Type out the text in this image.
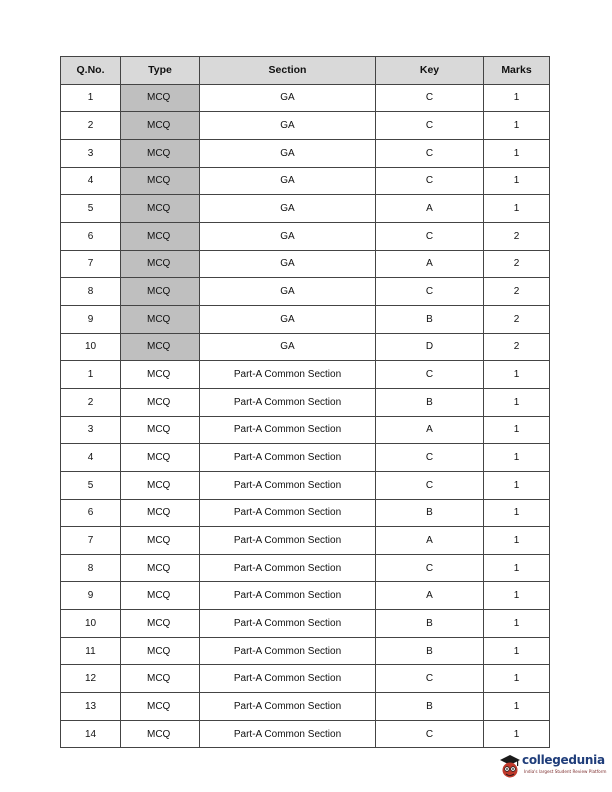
Q.No.	Type	Section	Key	Marks
1	MCQ	GA	C	1
2	MCQ	GA	C	1
3	MCQ	GA	C	1
4	MCQ	GA	C	1
5	MCQ	GA	A	1
6	MCQ	GA	C	2
7	MCQ	GA	A	2
8	MCQ	GA	C	2
9	MCQ	GA	B	2
10	MCQ	GA	D	2
1	MCQ	Part-A Common Section	C	1
2	MCQ	Part-A Common Section	B	1
3	MCQ	Part-A Common Section	A	1
4	MCQ	Part-A Common Section	C	1
5	MCQ	Part-A Common Section	C	1
6	MCQ	Part-A Common Section	B	1
7	MCQ	Part-A Common Section	A	1
8	MCQ	Part-A Common Section	C	1
9	MCQ	Part-A Common Section	A	1
10	MCQ	Part-A Common Section	B	1
11	MCQ	Part-A Common Section	B	1
12	MCQ	Part-A Common Section	C	1
13	MCQ	Part-A Common Section	B	1
14	MCQ	Part-A Common Section	C	1
collegedunia
India's largest Student Review Platform
